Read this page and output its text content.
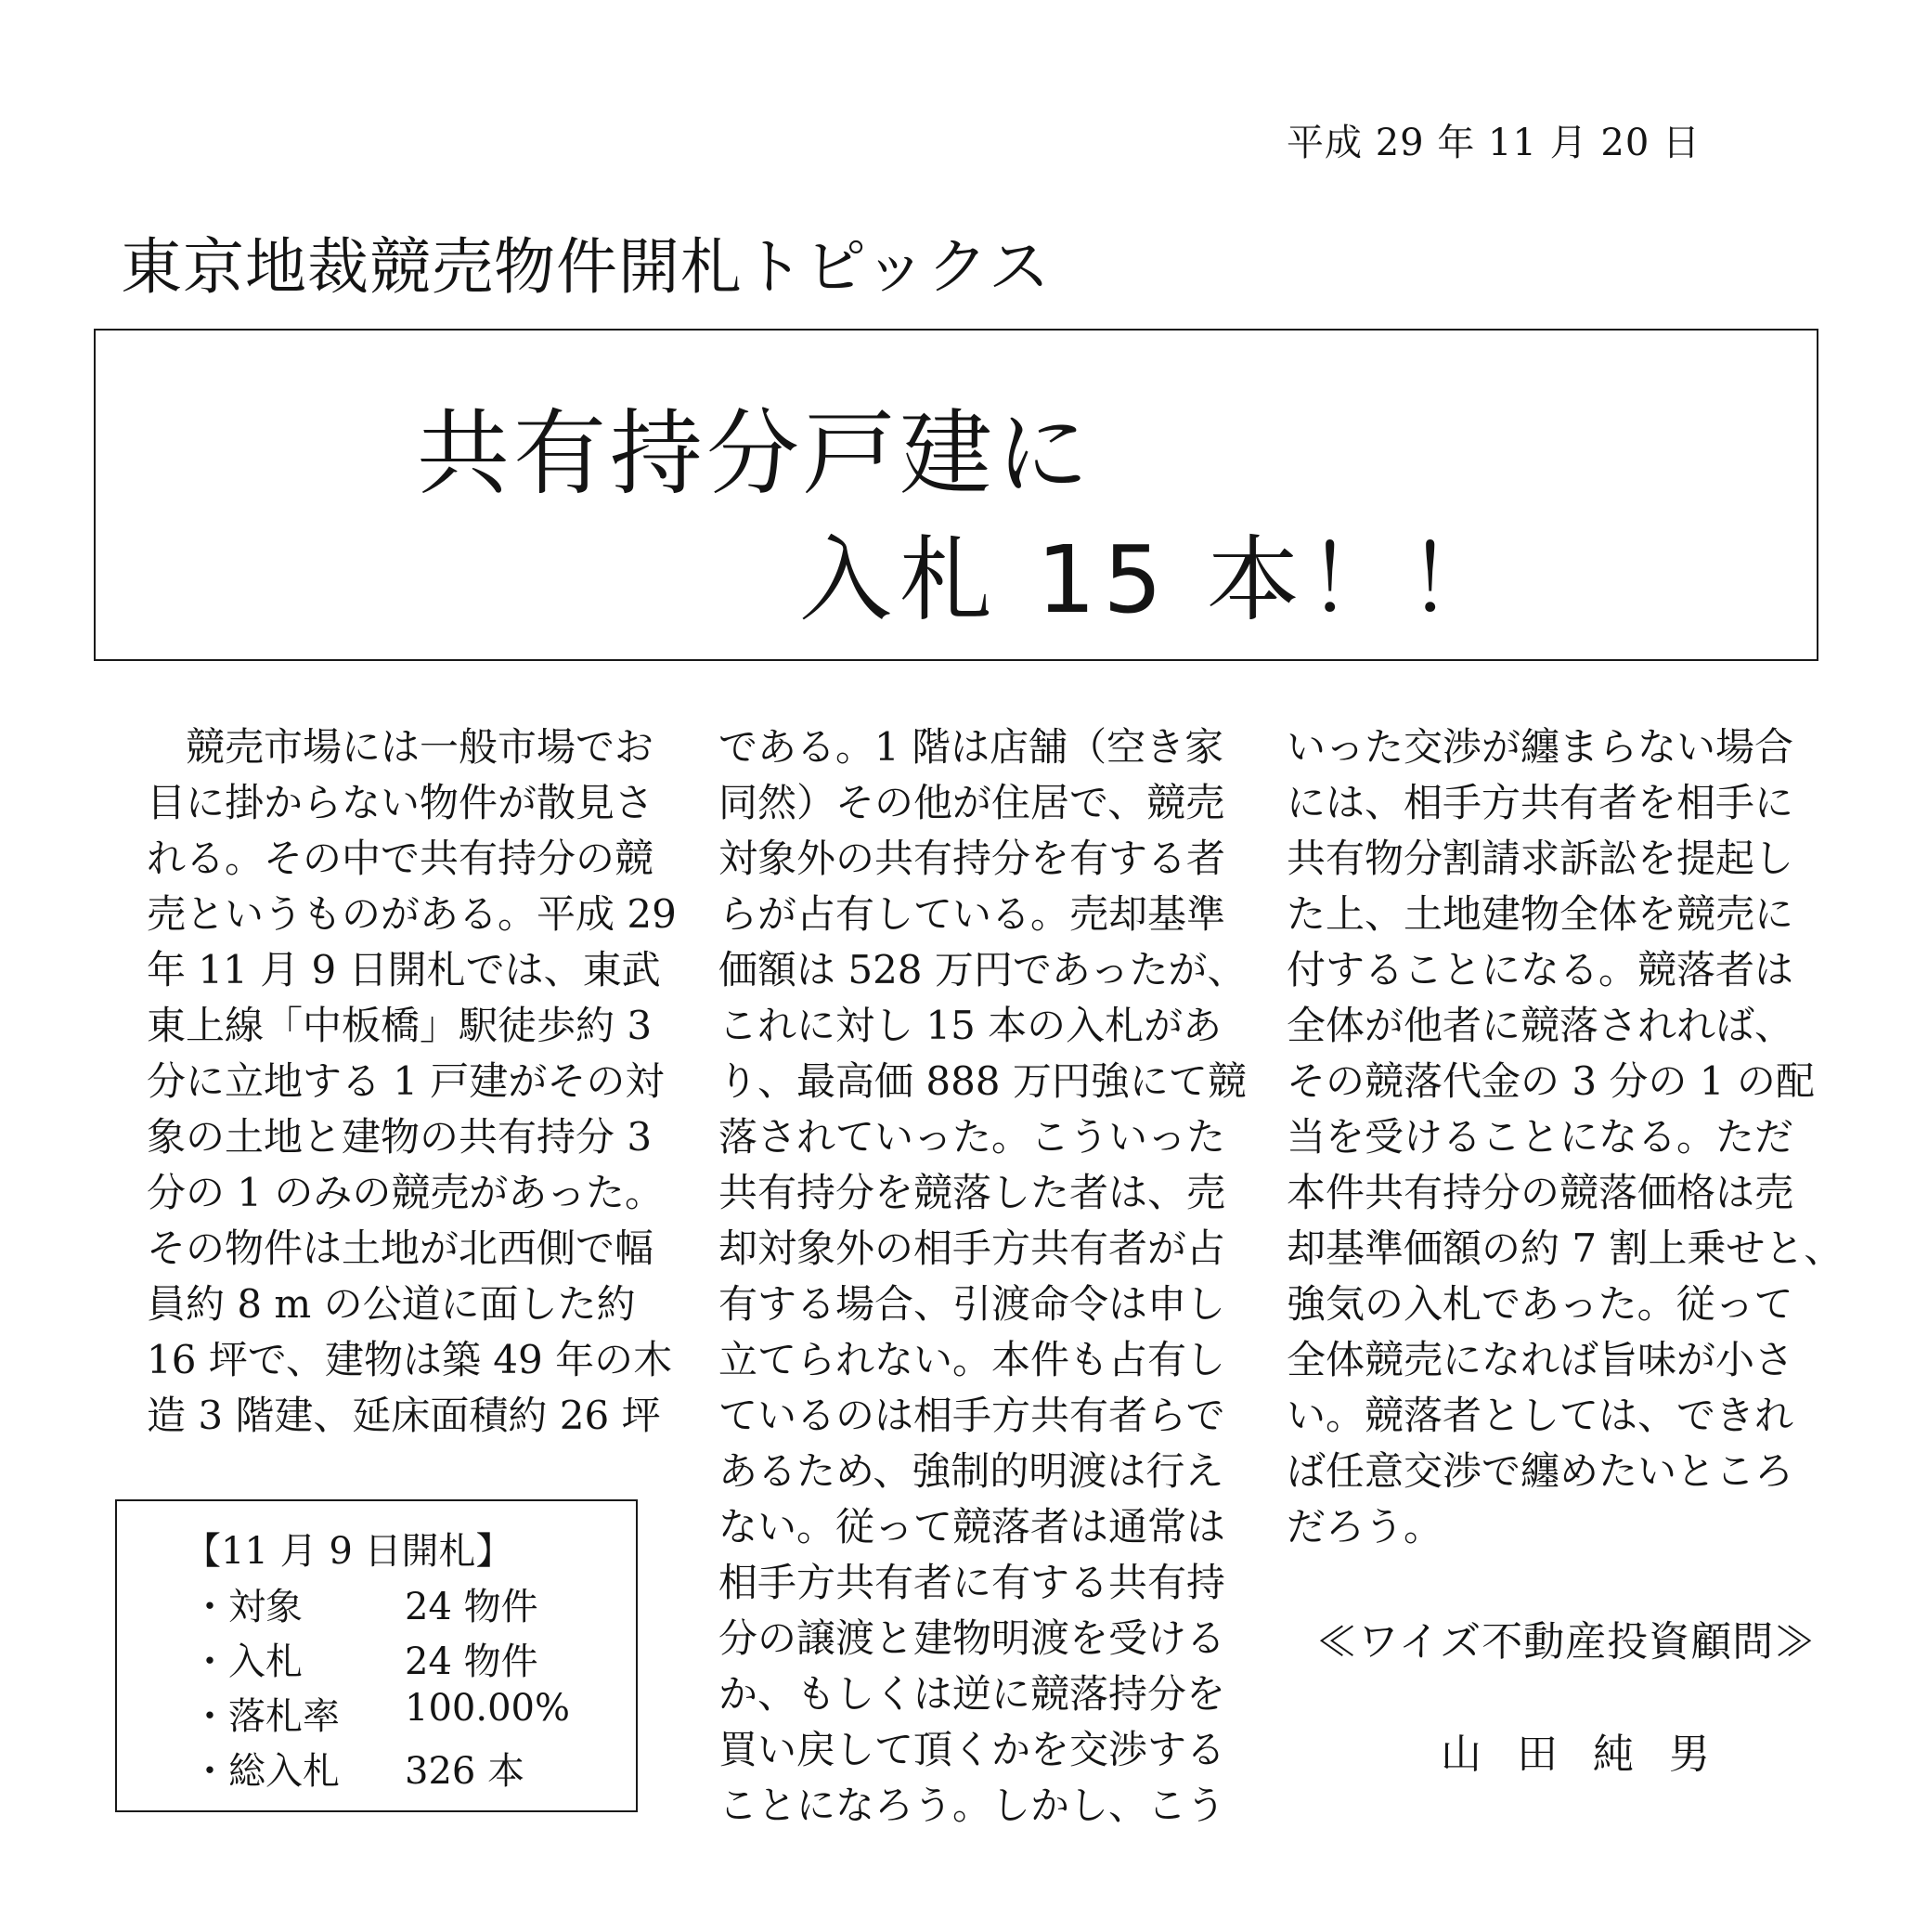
平成 29 年 11 月 20 日
東京地裁競売物件開札トピックス
共有持分戸建に
入札 15 本！！
　競売市場には一般市場でお
目に掛からない物件が散見さ
れる。その中で共有持分の競
売というものがある。平成 29
年 11 月 9 日開札では、東武
東上線「中板橋」駅徒歩約 3
分に立地する 1 戸建がその対
象の土地と建物の共有持分 3
分の 1 のみの競売があった。
その物件は土地が北西側で幅
員約 8 m の公道に面した約
16 坪で、建物は築 49 年の木
造 3 階建、延床面積約 26 坪
である。1 階は店舗（空き家
同然）その他が住居で、競売
対象外の共有持分を有する者
らが占有している。売却基準
価額は 528 万円であったが、
これに対し 15 本の入札があ
り、最高価 888 万円強にて競
落されていった。こういった
共有持分を競落した者は、売
却対象外の相手方共有者が占
有する場合、引渡命令は申し
立てられない。本件も占有し
ているのは相手方共有者らで
あるため、強制的明渡は行え
ない。従って競落者は通常は
相手方共有者に有する共有持
分の譲渡と建物明渡を受ける
か、もしくは逆に競落持分を
買い戻して頂くかを交渉する
ことになろう。しかし、こう
いった交渉が纏まらない場合
には、相手方共有者を相手に
共有物分割請求訴訟を提起し
た上、土地建物全体を競売に
付することになる。競落者は
全体が他者に競落されれば、
その競落代金の 3 分の 1 の配
当を受けることになる。ただ
本件共有持分の競落価格は売
却基準価額の約 7 割上乗せと、
強気の入札であった。従って
全体競売になれば旨味が小さ
い。競落者としては、できれ
ば任意交渉で纏めたいところ
だろう。
【11 月 9 日開札】
・対象	24 物件
・入札	24 物件
・落札率 100.00%
・総入札 326 本
≪ワイズ不動産投資顧問≫
山田純男
